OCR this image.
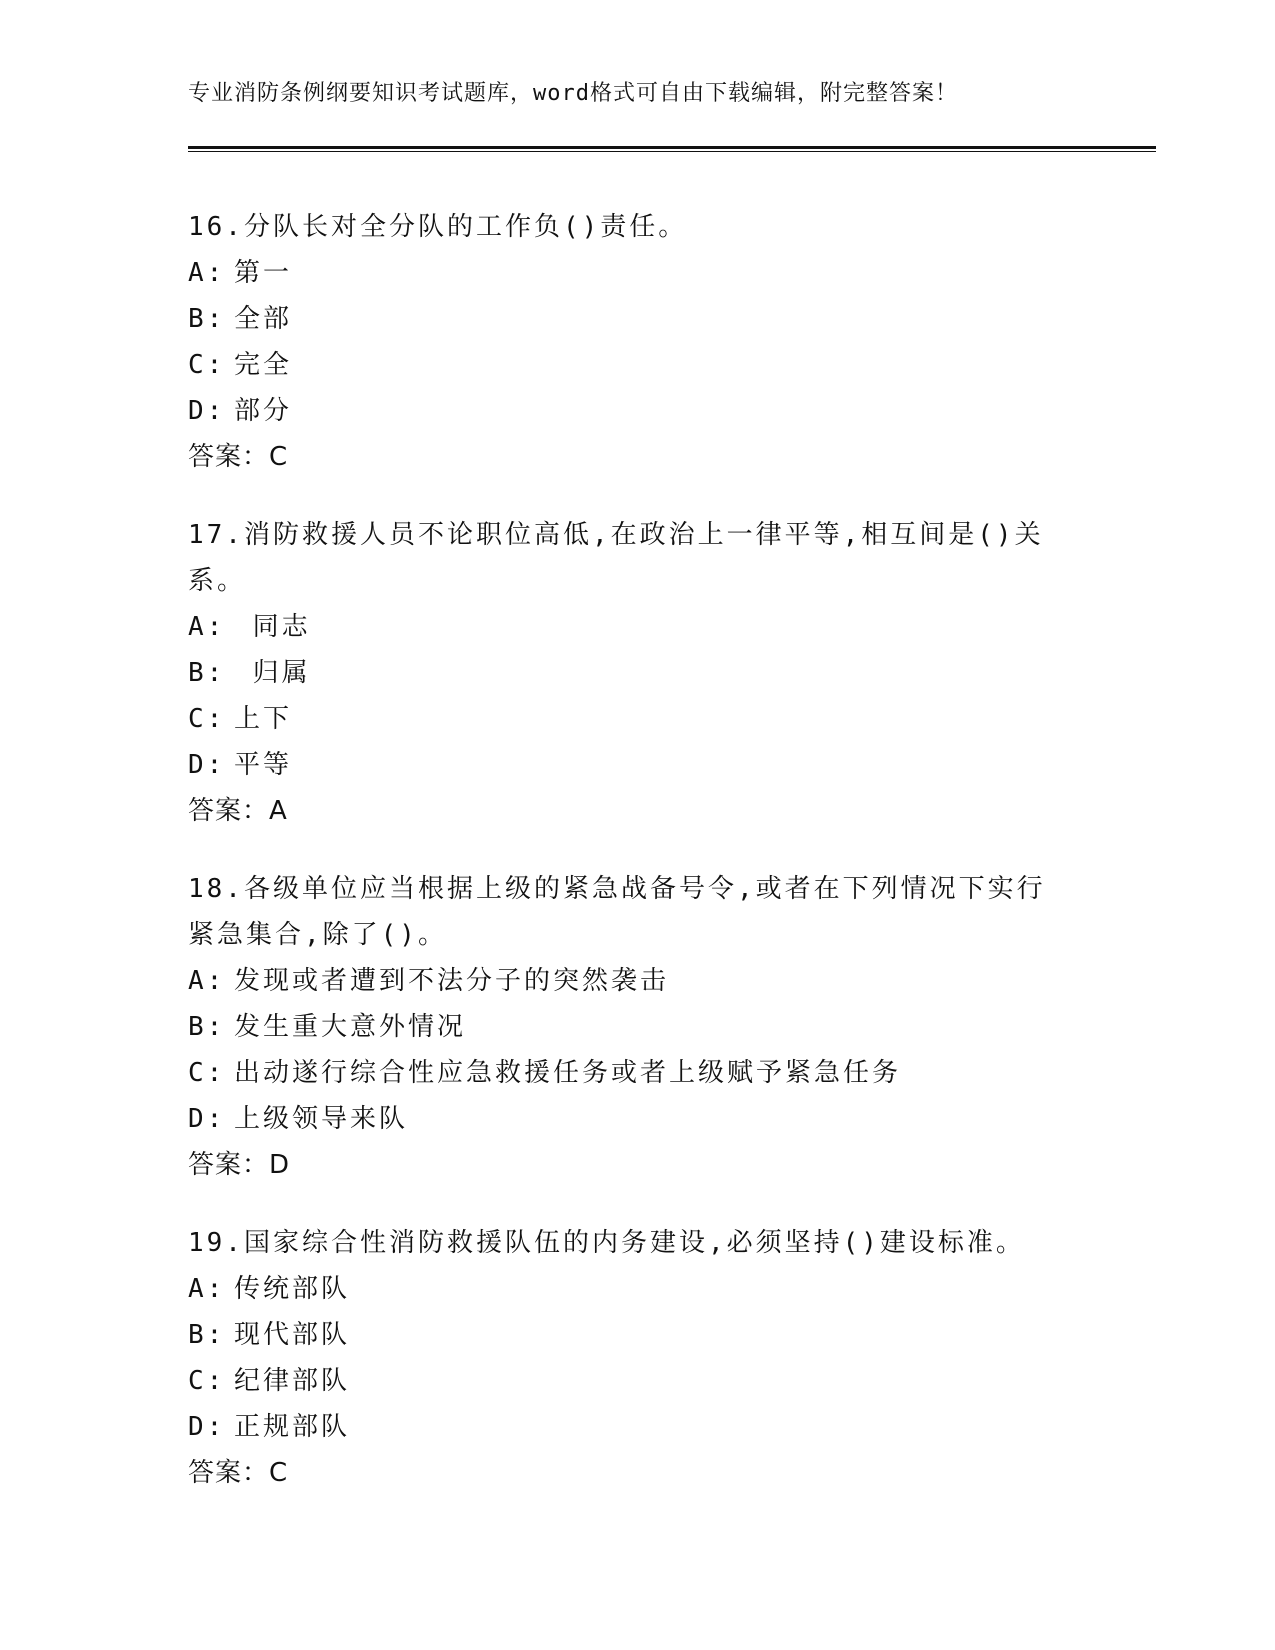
专业消防条例纲要知识考试题库，word格式可自由下载编辑，附完整答案！
16.分队长对全分队的工作负()责任。
A: 第一
B: 全部
C: 完全
D: 部分
答案：C
17.消防救援人员不论职位高低,在政治上一律平等,相互间是()关系。
A: 同志
B: 归属
C: 上下
D: 平等
答案：A
18.各级单位应当根据上级的紧急战备号令,或者在下列情况下实行紧急集合,除了()。
A: 发现或者遭到不法分子的突然袭击
B: 发生重大意外情况
C: 出动遂行综合性应急救援任务或者上级赋予紧急任务
D: 上级领导来队
答案：D
19.国家综合性消防救援队伍的内务建设,必须坚持()建设标准。
A: 传统部队
B: 现代部队
C: 纪律部队
D: 正规部队
答案：C
